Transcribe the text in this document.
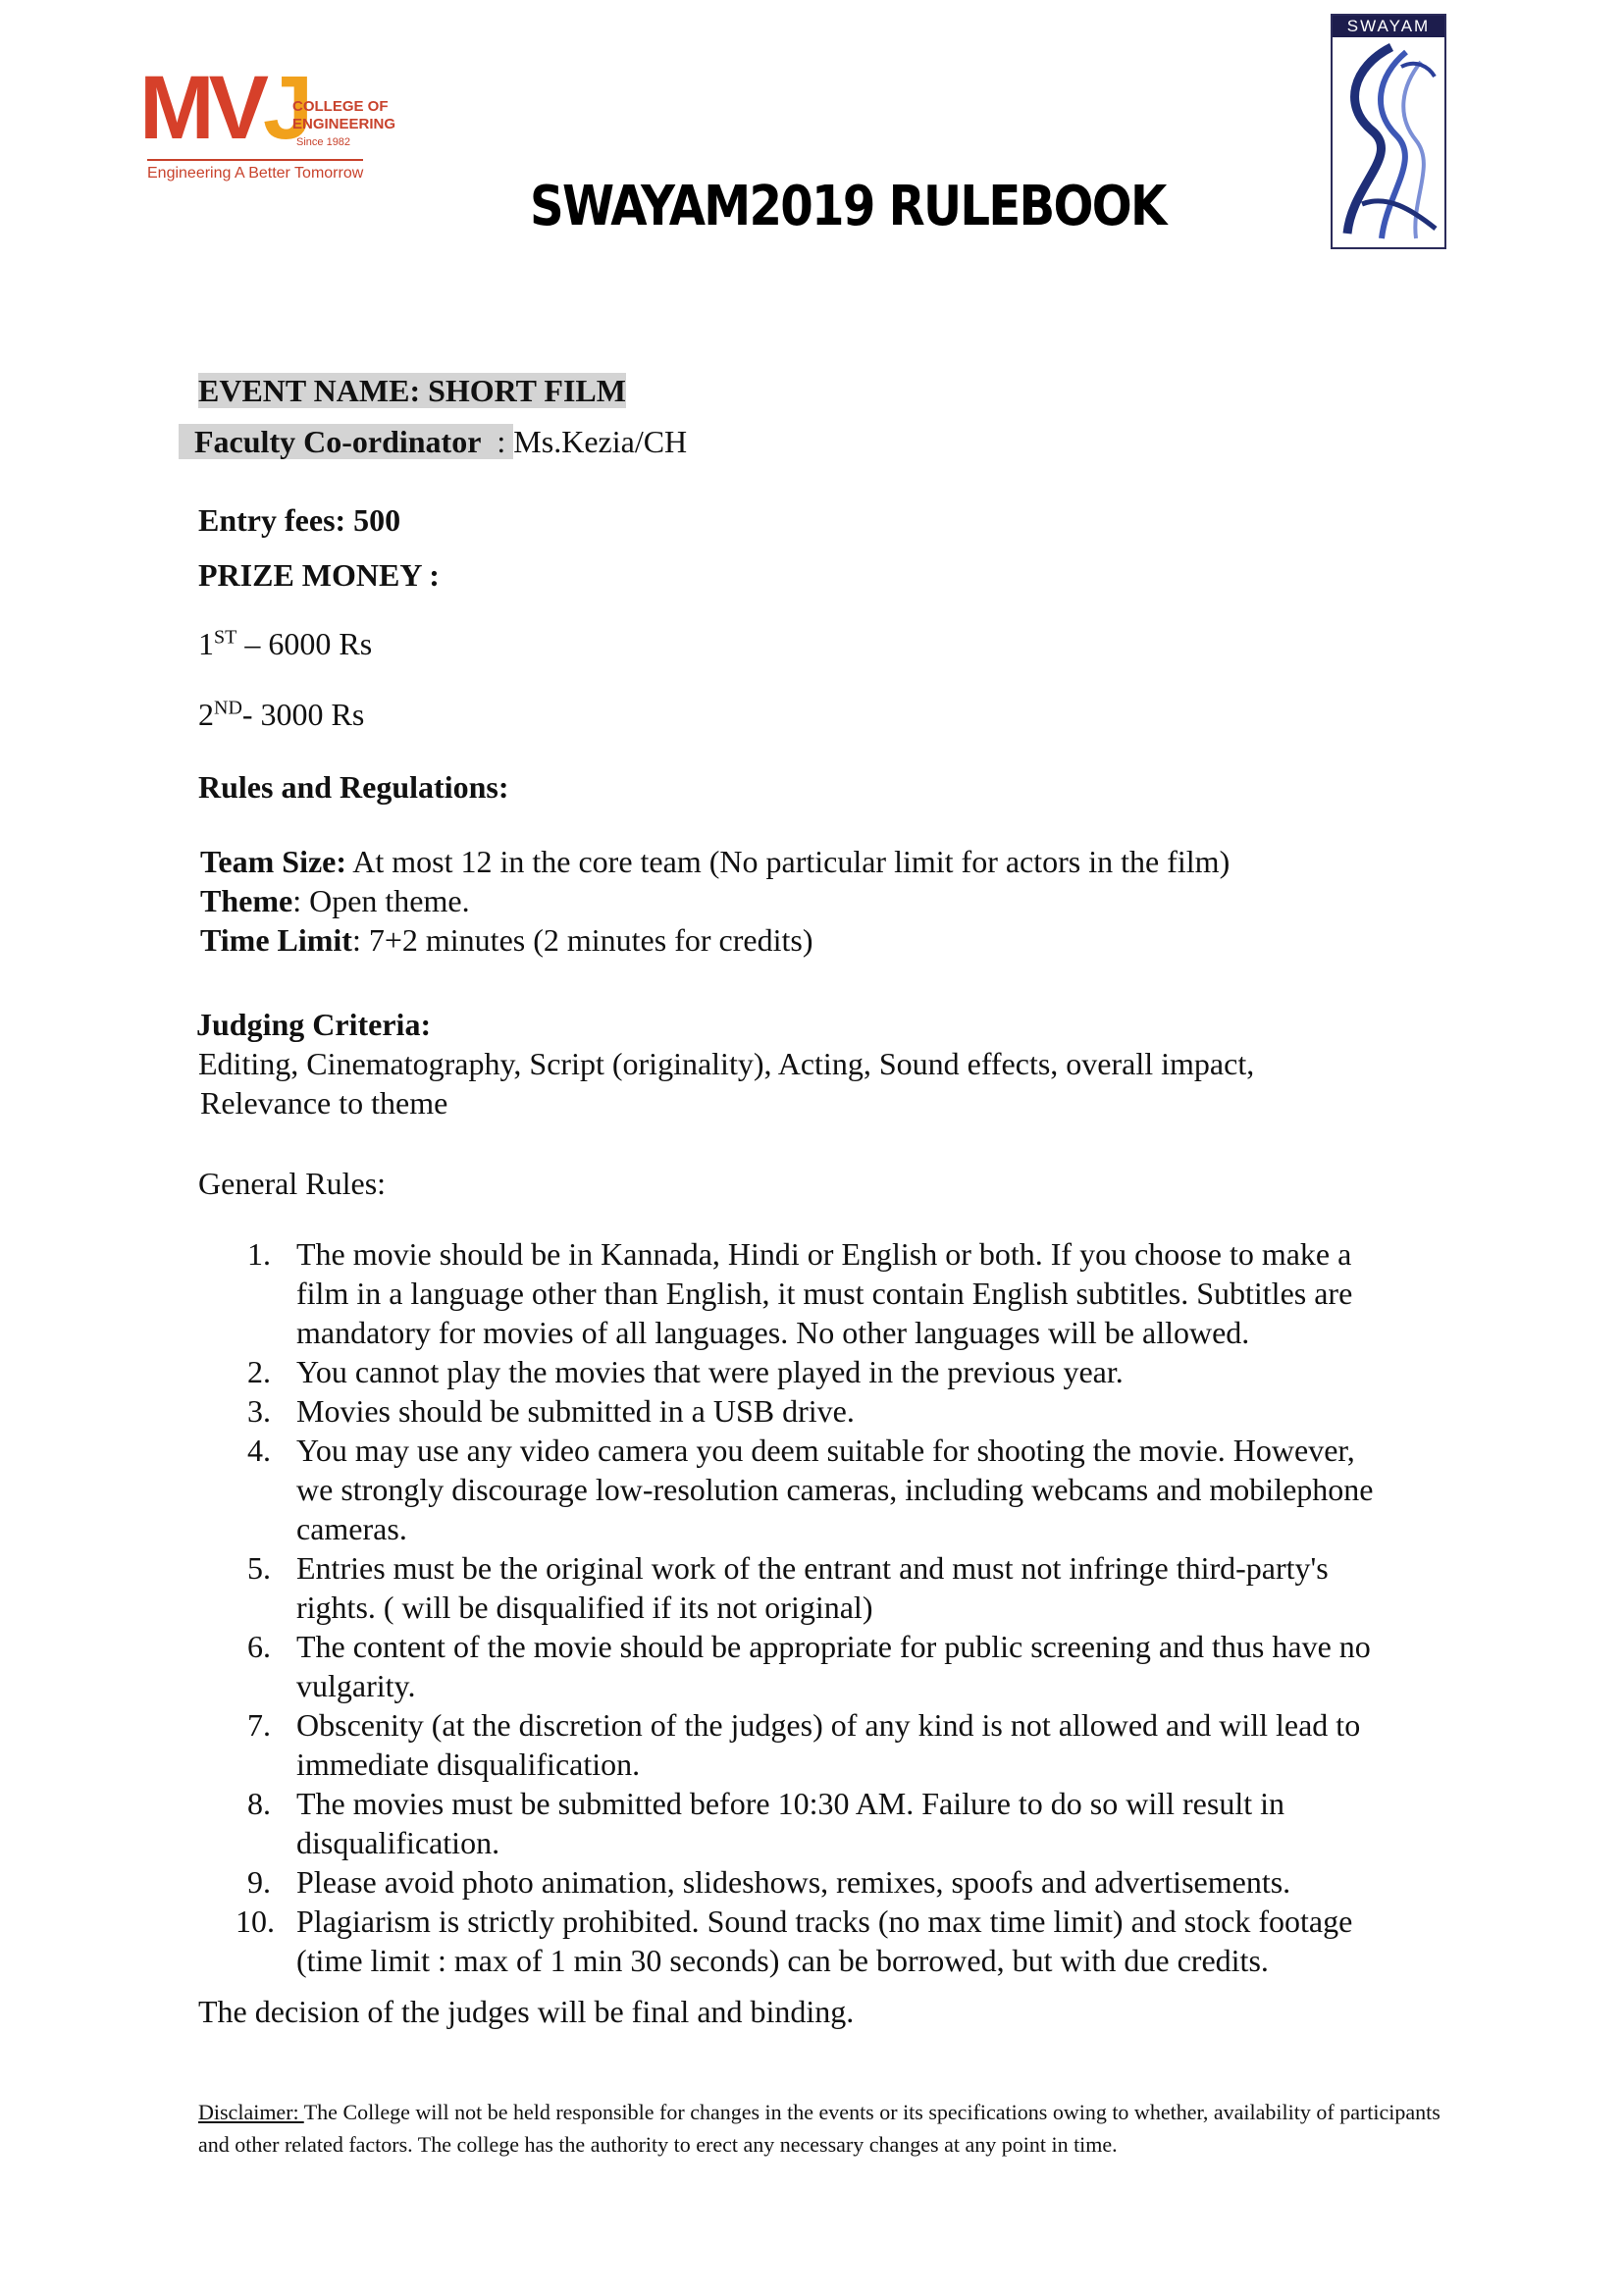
MVJ
COLLEGE OF
ENGINEERING
Since 1982
Engineering A Better Tomorrow
SWAYAM
SWAYAM2019 RULEBOOK
EVENT NAME: SHORT FILM
Faculty Co-ordinator : Ms.Kezia/CH
Entry fees: 500
PRIZE MONEY :
1ST – 6000 Rs
2ND- 3000 Rs
Rules and Regulations:
Team Size: At most 12 in the core team (No particular limit for actors in the film)
Theme: Open theme.
Time Limit: 7+2 minutes (2 minutes for credits)
Judging Criteria:
Editing, Cinematography, Script (originality), Acting, Sound effects, overall impact,
Relevance to theme
General Rules:
1. The movie should be in Kannada, Hindi or English or both. If you choose to make a
film in a language other than English, it must contain English subtitles. Subtitles are
mandatory for movies of all languages. No other languages will be allowed.
2. You cannot play the movies that were played in the previous year.
3. Movies should be submitted in a USB drive.
4. You may use any video camera you deem suitable for shooting the movie. However,
we strongly discourage low-resolution cameras, including webcams and mobilephone
cameras.
5. Entries must be the original work of the entrant and must not infringe third-party's
rights. ( will be disqualified if its not original)
6. The content of the movie should be appropriate for public screening and thus have no
vulgarity.
7. Obscenity (at the discretion of the judges) of any kind is not allowed and will lead to
immediate disqualification.
8. The movies must be submitted before 10:30 AM. Failure to do so will result in
disqualification.
9. Please avoid photo animation, slideshows, remixes, spoofs and advertisements.
10. Plagiarism is strictly prohibited. Sound tracks (no max time limit) and stock footage
(time limit : max of 1 min 30 seconds) can be borrowed, but with due credits.
The decision of the judges will be final and binding.
Disclaimer: The College will not be held responsible for changes in the events or its specifications owing to whether, availability of participants and other related factors. The college has the authority to erect any necessary changes at any point in time.
